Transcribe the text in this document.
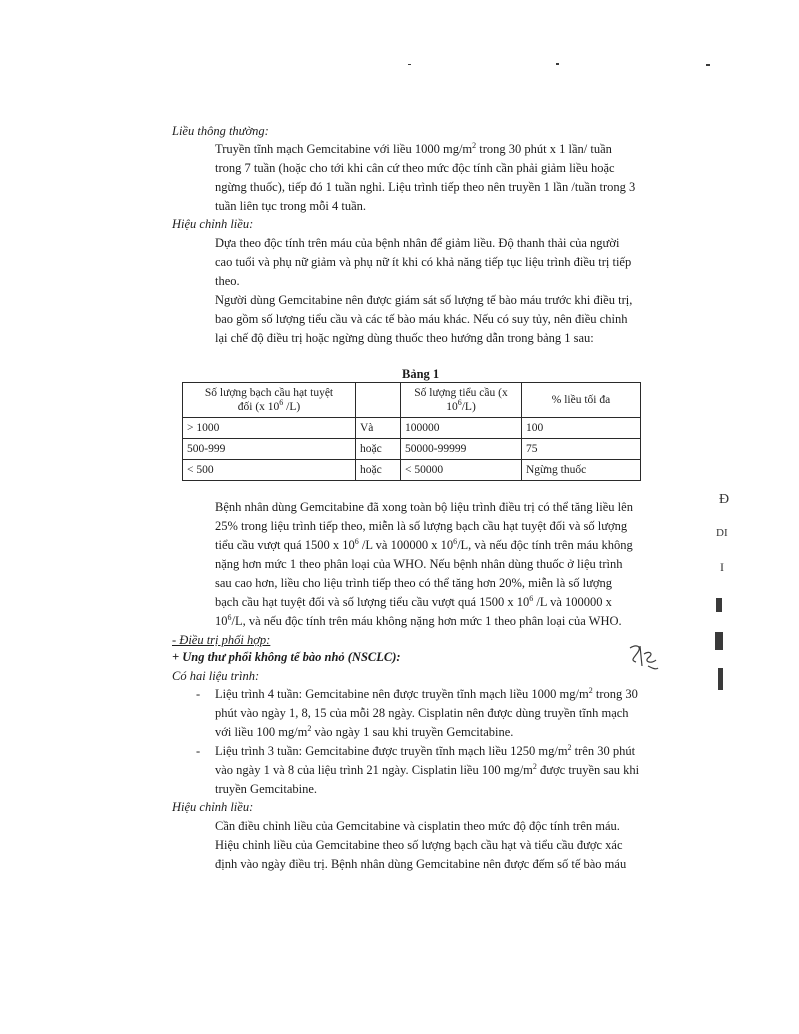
Liều thông thường:
Truyền tĩnh mạch Gemcitabine với liều 1000 $mg/m^2$ trong 30 phút x 1 lần/ tuần
trong 7 tuần (hoặc cho tới khi cân cứ theo mức độc tính cần phải giảm liều hoặc
ngừng thuốc), tiếp đó 1 tuần nghỉ. Liệu trình tiếp theo nên truyền 1 lần /tuần trong 3
tuần liên tục trong mỗi 4 tuần.
Hiệu chỉnh liều:
Dựa theo độc tính trên máu của bệnh nhân để giảm liều. Độ thanh thải của người
cao tuổi và phụ nữ giảm và phụ nữ ít khi có khả năng tiếp tục liệu trình điều trị tiếp
theo.
Người dùng Gemcitabine nên được giám sát số lượng tế bào máu trước khi điều trị,
bao gồm số lượng tiểu cầu và các tế bào máu khác. Nếu có suy tủy, nên điều chỉnh
lại chế độ điều trị hoặc ngừng dùng thuốc theo hướng dẫn trong bảng 1 sau:
Bảng 1
Số lượng bạch cầu hạt tuyệt
đối (x $10^6$ /L)		Số lượng tiểu cầu (x
$10^6/L$)	% liều tối đa
> 1000	Và	100000	100
500-999	hoặc	50000-99999	75
< 500	hoặc	< 50000	Ngừng thuốc
Bệnh nhân dùng Gemcitabine đã xong toàn bộ liệu trình điều trị có thể tăng liều lên
25% trong liệu trình tiếp theo, miễn là số lượng bạch cầu hạt tuyệt đối và số lượng
tiểu cầu vượt quá 1500 x $10^6$ /L và 100000 x $10^6/L$, và nếu độc tính trên máu không
nặng hơn mức 1 theo phân loại của WHO. Nếu bệnh nhân dùng thuốc ở liệu trình
sau cao hơn, liều cho liệu trình tiếp theo có thể tăng hơn 20%, miễn là số lượng
bạch cầu hạt tuyệt đối và số lượng tiểu cầu vượt quá 1500 x $10^6$ /L và 100000 x
$10^6/L$, và nếu độc tính trên máu không nặng hơn mức 1 theo phân loại của WHO.
- Điều trị phối hợp:
+ Ung thư phổi không tế bào nhỏ (NSCLC):
Có hai liệu trình:
- Liệu trình 4 tuần: Gemcitabine nên được truyền tĩnh mạch liều 1000 $mg/m^2$ trong 30
phút vào ngày 1, 8, 15 của mỗi 28 ngày. Cisplatin nên được dùng truyền tĩnh mạch
với liều 100 $mg/m^2$ vào ngày 1 sau khi truyền Gemcitabine.
- Liệu trình 3 tuần: Gemcitabine được truyền tĩnh mạch liều 1250 $mg/m^2$ trên 30 phút
vào ngày 1 và 8 của liệu trình 21 ngày. Cisplatin liều 100 $mg/m^2$ được truyền sau khi
truyền Gemcitabine.
Hiệu chỉnh liều:
Cần điều chỉnh liều của Gemcitabine và cisplatin theo mức độ độc tính trên máu.
Hiệu chỉnh liều của Gemcitabine theo số lượng bạch cầu hạt và tiểu cầu được xác
định vào ngày điều trị. Bệnh nhân dùng Gemcitabine nên được đếm số tế bào máu
Đ
DI
I
